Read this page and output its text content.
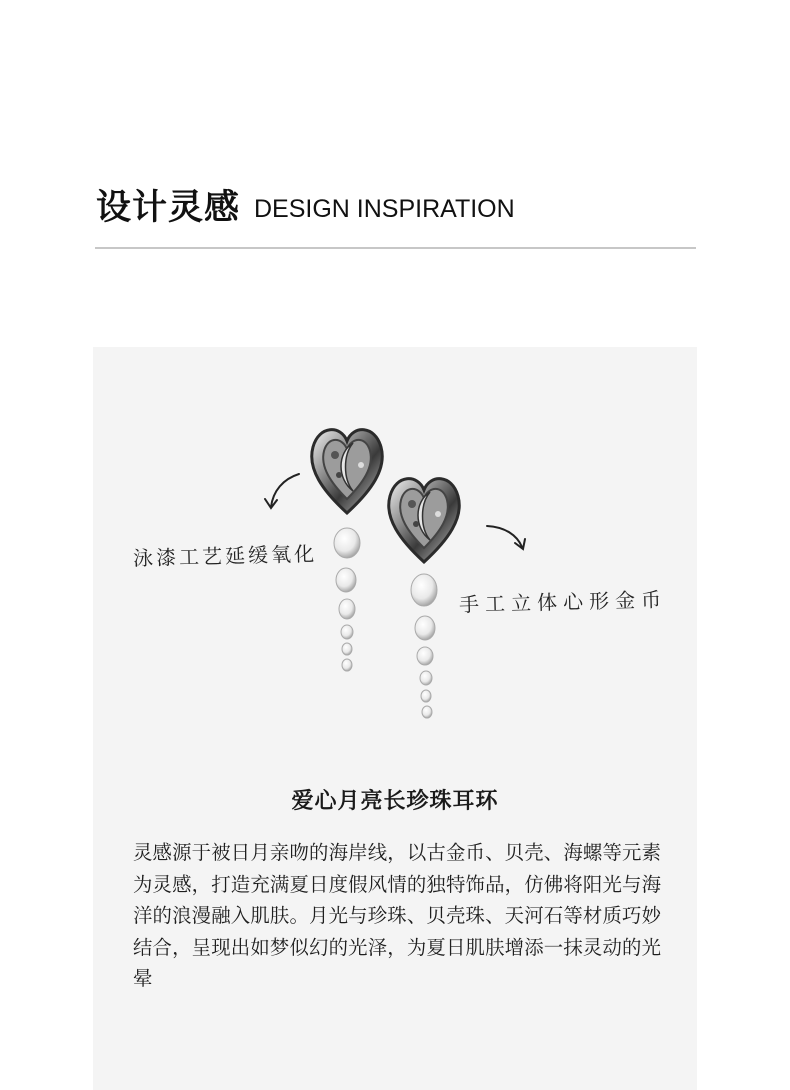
设计灵感 DESIGN INSPIRATION
泳漆工艺延缓氧化
手工立体心形金币
爱心月亮长珍珠耳环
灵感源于被日月亲吻的海岸线，以古金币、贝壳、海螺等元素为灵感，打造充满夏日度假风情的独特饰品，仿佛将阳光与海洋的浪漫融入肌肤。月光与珍珠、贝壳珠、天河石等材质巧妙结合，呈现出如梦似幻的光泽，为夏日肌肤增添一抹灵动的光晕
